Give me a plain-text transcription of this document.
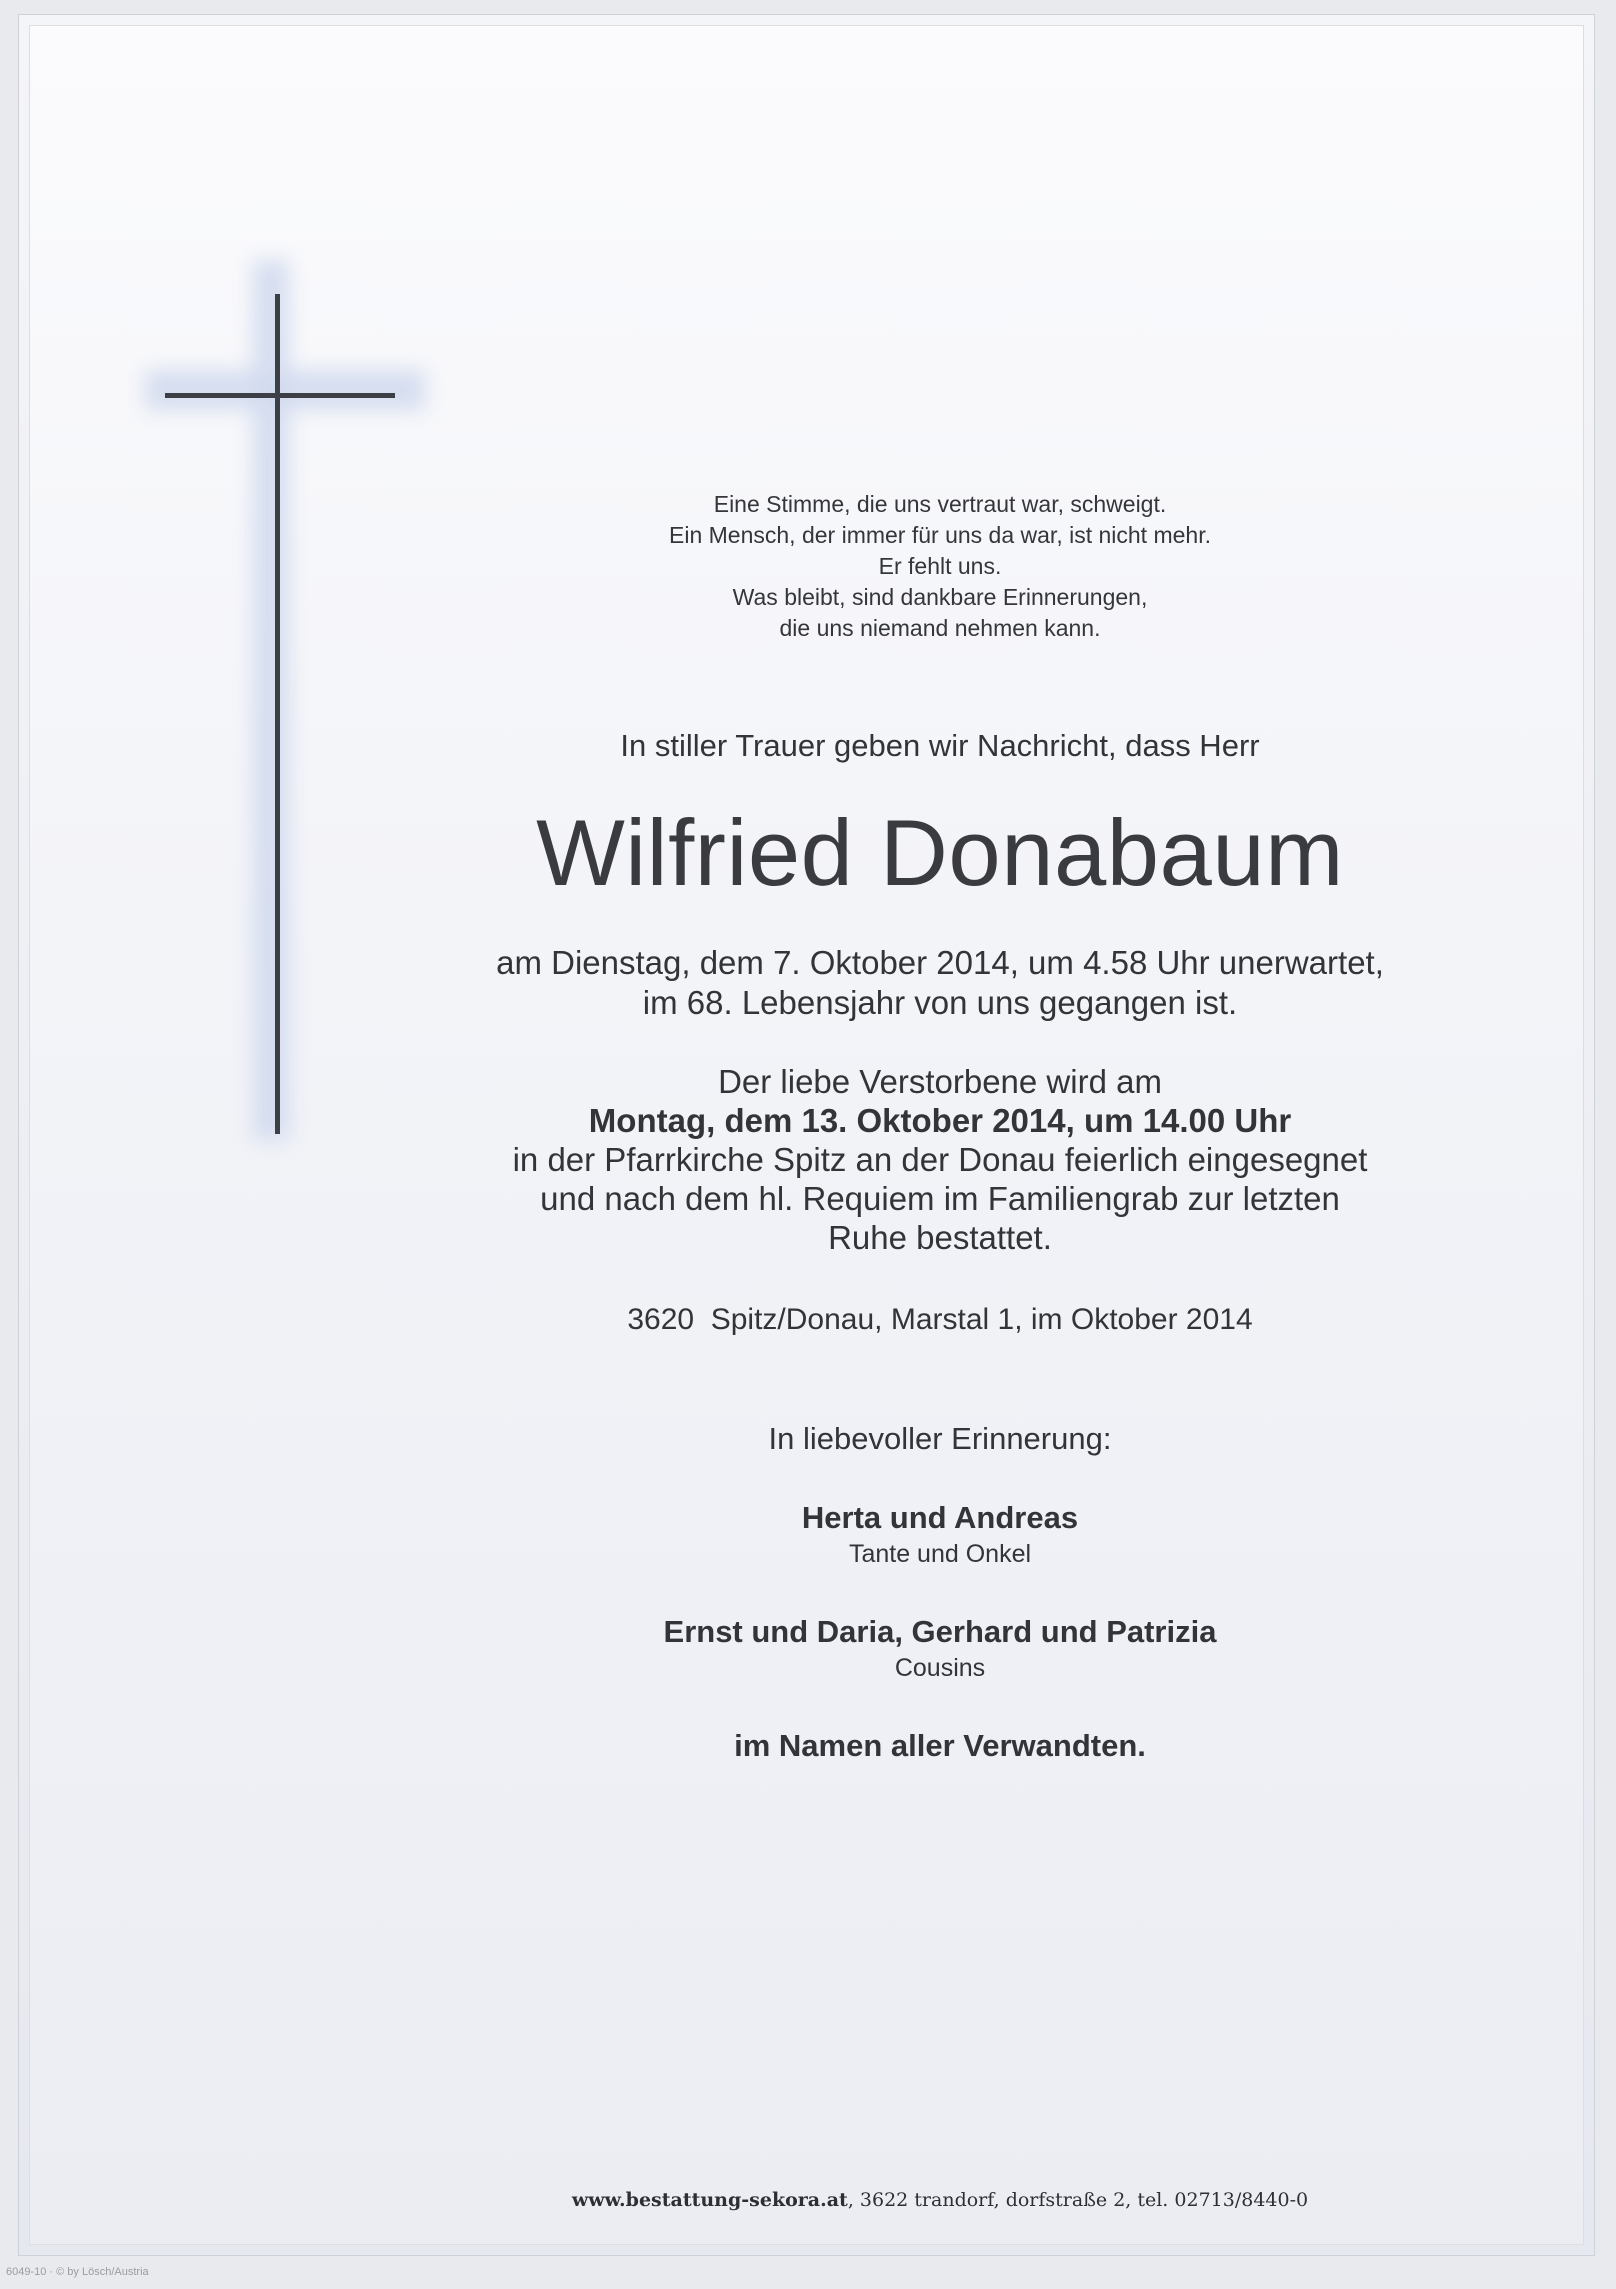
Eine Stimme, die uns vertraut war, schweigt.
Ein Mensch, der immer für uns da war, ist nicht mehr.
Er fehlt uns.
Was bleibt, sind dankbare Erinnerungen,
die uns niemand nehmen kann.
In stiller Trauer geben wir Nachricht, dass Herr
Wilfried Donabaum
am Dienstag, dem 7. Oktober 2014, um 4.58 Uhr unerwartet,
im 68. Lebensjahr von uns gegangen ist.
Der liebe Verstorbene wird am
Montag, dem 13. Oktober 2014, um 14.00 Uhr
in der Pfarrkirche Spitz an der Donau feierlich eingesegnet
und nach dem hl. Requiem im Familiengrab zur letzten
Ruhe bestattet.
3620  Spitz/Donau, Marstal 1, im Oktober 2014
In liebevoller Erinnerung:
Herta und Andreas
Tante und Onkel
Ernst und Daria, Gerhard und Patrizia
Cousins
im Namen aller Verwandten.
www.bestattung-sekora.at, 3622 trandorf, dorfstraße 2, tel. 02713/8440-0
6049-10 · © by Lösch/Austria
